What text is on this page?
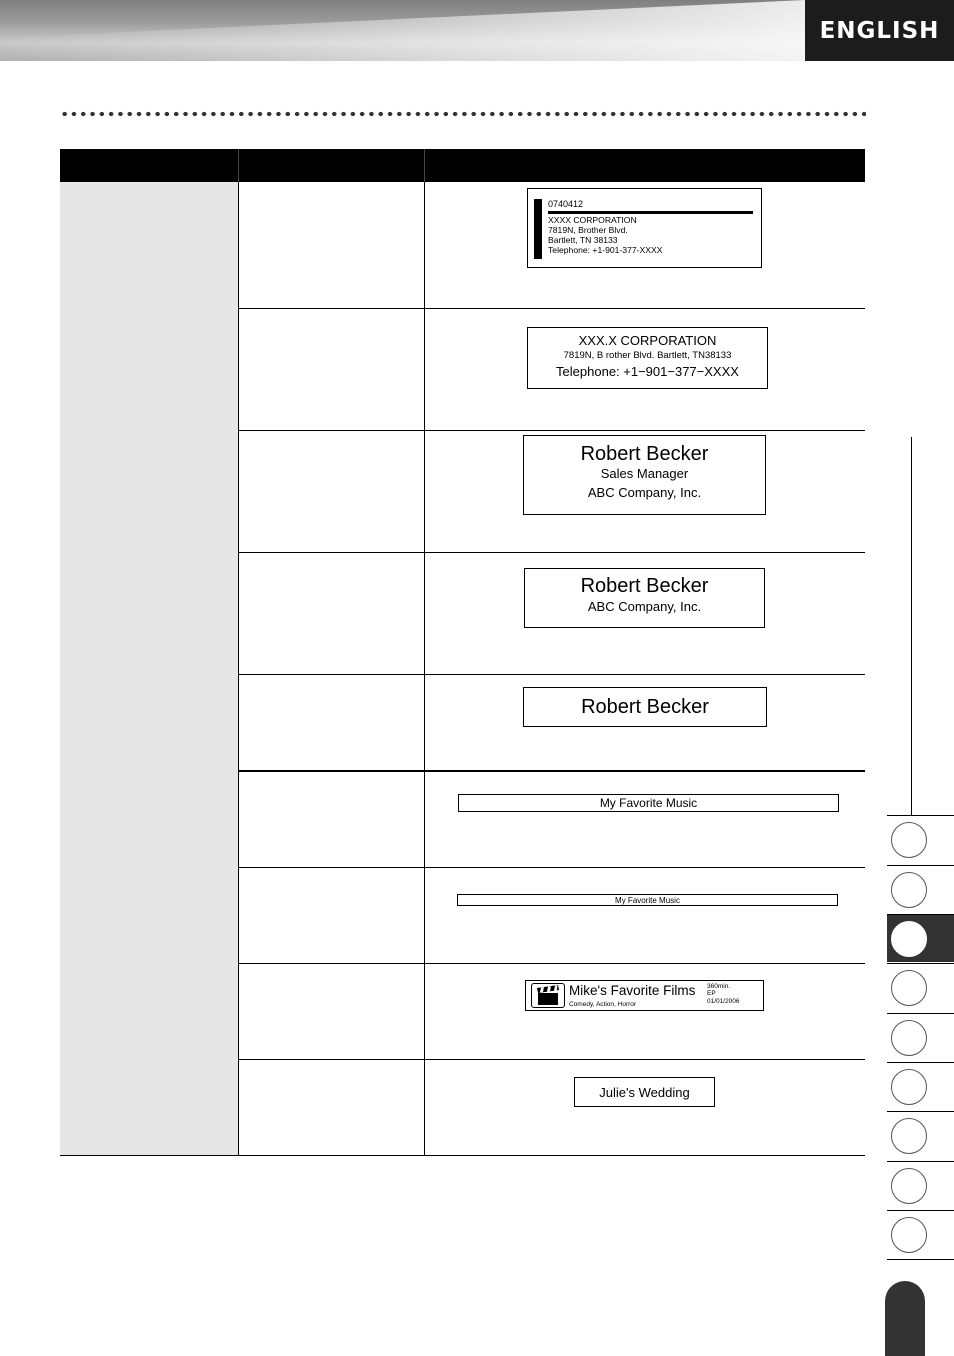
ENGLISH
0740412
XXXX CORPORATION
7819N, Brother Blvd.
Bartlett, TN 38133
Telephone: +1-901-377-XXXX
XXX.X CORPORATION
7819N, B rother Blvd. Bartlett, TN38133
Telephone: +1−901−377−XXXX
Robert Becker
Sales Manager
ABC Company, Inc.
Robert Becker
ABC Company, Inc.
Robert Becker
My Favorite Music
My Favorite Music
Mike's Favorite Films
Comedy, Action, Horror
360min.
EP
01/01/2006
Julie's Wedding
